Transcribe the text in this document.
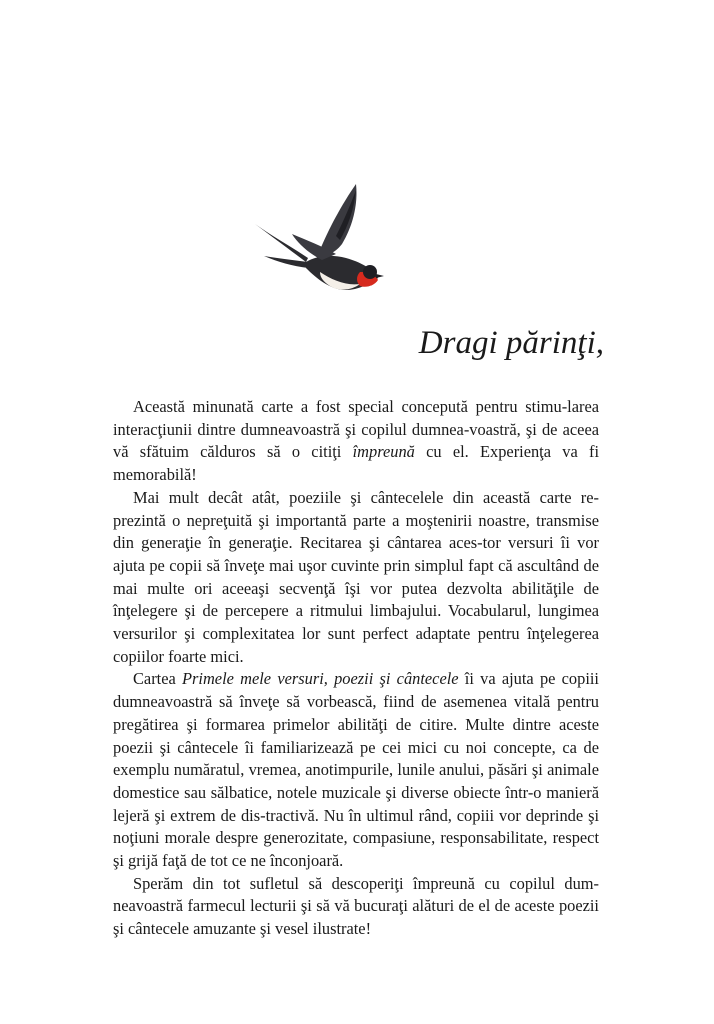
Dragi părinţi,

Această minunată carte a fost special concepută pentru stimu-larea interacţiunii dintre dumneavoastră şi copilul dumnea-voastră, şi de aceea vă sfătuim călduros să o citiţi împreună cu el. Experienţa va fi memorabilă!

Mai mult decât atât, poeziile şi cântecelele din această carte re-prezintă o nepreţuită şi importantă parte a moştenirii noastre, transmise din generaţie în generaţie. Recitarea şi cântarea aces-tor versuri îi vor ajuta pe copii să înveţe mai uşor cuvinte prin simplul fapt că ascultând de mai multe ori aceeaşi secvenţă îşi vor putea dezvolta abilităţile de înţelegere şi de percepere a ritmului limbajului. Vocabularul, lungimea versurilor şi complexitatea lor sunt perfect adaptate pentru înţelegerea copiilor foarte mici.

Cartea Primele mele versuri, poezii şi cântecele îi va ajuta pe copiii dumneavoastră să înveţe să vorbească, fiind de asemenea vitală pentru pregătirea şi formarea primelor abilităţi de citire. Multe dintre aceste poezii şi cântecele îi familiarizează pe cei mici cu noi concepte, ca de exemplu număratul, vremea, anotimpurile, lunile anului, păsări şi animale domestice sau sălbatice, notele muzicale şi diverse obiecte într-o manieră lejeră şi extrem de dis-tractivă. Nu în ultimul rând, copiii vor deprinde şi noţiuni morale despre generozitate, compasiune, responsabilitate, respect şi grijă faţă de tot ce ne înconjoară.

Sperăm din tot sufletul să descoperiţi împreună cu copilul dum-neavoastră farmecul lecturii şi să vă bucuraţi alături de el de aceste poezii şi cântecele amuzante şi vesel ilustrate!
